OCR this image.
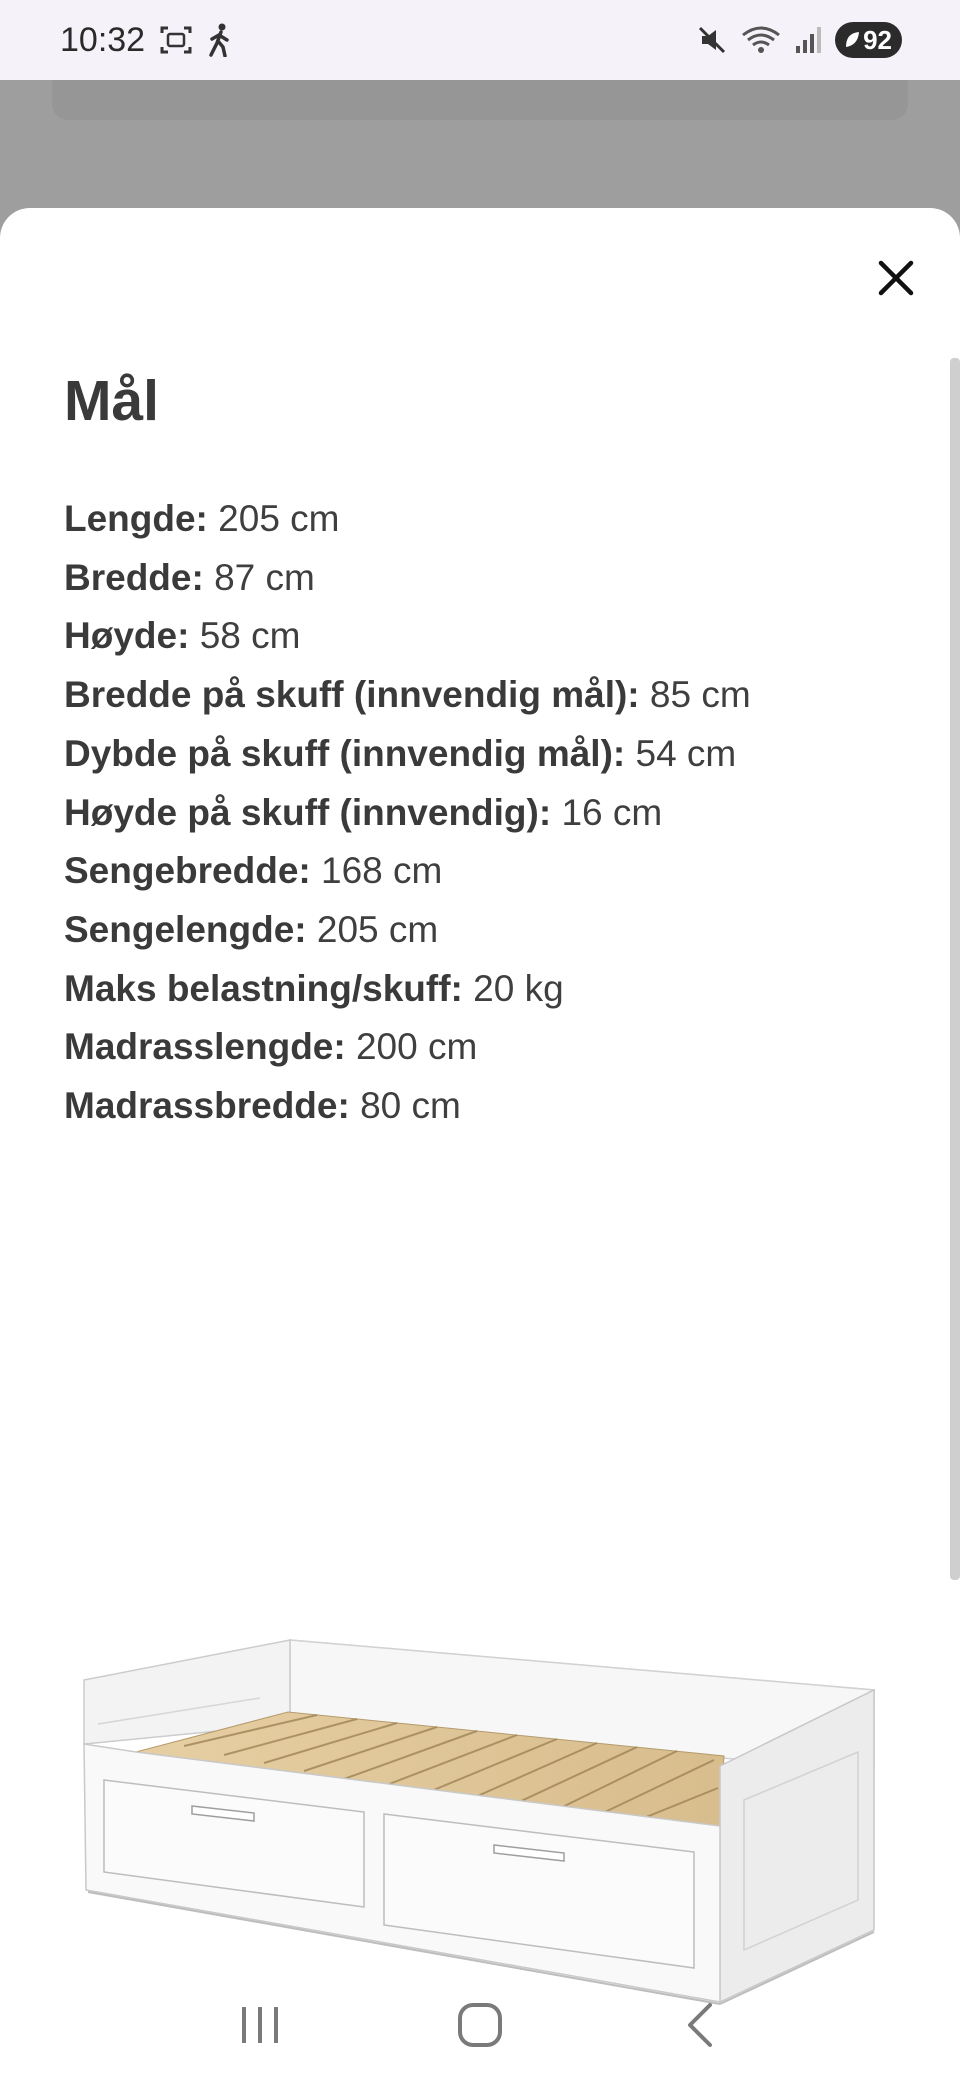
10:32	92
Mål
Lengde: 205 cm
Bredde: 87 cm
Høyde: 58 cm
Bredde på skuff (innvendig mål): 85 cm
Dybde på skuff (innvendig mål): 54 cm
Høyde på skuff (innvendig): 16 cm
Sengebredde: 168 cm
Sengelengde: 205 cm
Maks belastning/skuff: 20 kg
Madrasslengde: 200 cm
Madrassbredde: 80 cm
